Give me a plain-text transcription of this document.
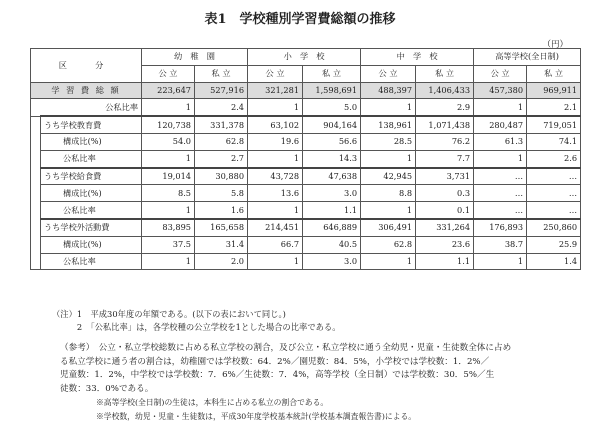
表1　学校種別学習費総額の推移
（円）
区　分		幼　稚　園		小　学　校		中　学　校		高等学校(全日制)	
		公 立	私 立	公 立	私 立	公 立	私 立	公 立	私 立
学 習 費 総 額		223,647	527,916	321,281	1,598,691	488,397	1,406,433	457,380	969,911
公私比率		1	2.4	1	5.0	1	2.9	1	2.1
	うち学校教育費	120,738	331,378	63,102	904,164	138,961	1,071,438	280,487	719,051
	構成比(%)	54.0	62.8	19.6	56.6	28.5	76.2	61.3	74.1
	公私比率	1	2.7	1	14.3	1	7.7	1	2.6
	うち学校給食費	19,014	30,880	43,728	47,638	42,945	3,731	…	…
	構成比(%)	8.5	5.8	13.6	3.0	8.8	0.3	…	…
	公私比率	1	1.6	1	1.1	1	0.1	…	…
	うち学校外活動費	83,895	165,658	214,451	646,889	306,491	331,264	176,893	250,860
	構成比(%)	37.5	31.4	66.7	40.5	62.8	23.6	38.7	25.9
	公私比率	1	2.0	1	3.0	1	1.1	1	1.4
（注）1　平成30年度の年額である。(以下の表において同じ。)
　　　2　「公私比率」は，各学校種の公立学校を1とした場合の比率である。
（参考）　公立・私立学校総数に占める私立学校の割合，及び公立・私立学校に通う全幼児・児童・生徒数全体に占め
る私立学校に通う者の割合は，幼稚園では学校数：64．2%／園児数：84．5%，小学校では学校数：1．2%／
児童数：1．2%，中学校では学校数：7．6%／生徒数：7．4%，高等学校（全日制）では学校数：30．5%／生
徒数：33．0%である。
※高等学校(全日制)の生徒は，本科生に占める私立の割合である。
※学校数，幼児・児童・生徒数は，平成30年度学校基本統計(学校基本調査報告書)による。
